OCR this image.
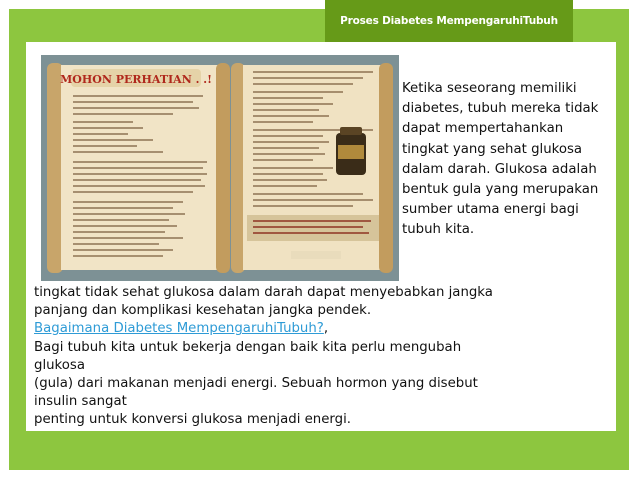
Proses Diabetes MempengaruhiTubuh
MOHON PERHATIAN . .!
Ketika seseorang memiliki diabetes, tubuh mereka tidak dapat mempertahankan tingkat yang sehat glukosa dalam darah. Glukosa adalah bentuk gula yang merupakan sumber utama energi bagi tubuh kita.
tingkat tidak sehat glukosa dalam darah dapat menyebabkan jangka
panjang dan komplikasi kesehatan jangka pendek.
Bagaimana Diabetes MempengaruhiTubuh?,
Bagi tubuh kita untuk bekerja dengan baik kita perlu mengubah
glukosa
(gula) dari makanan menjadi energi. Sebuah hormon yang disebut
insulin sangat
penting untuk konversi glukosa menjadi energi.
